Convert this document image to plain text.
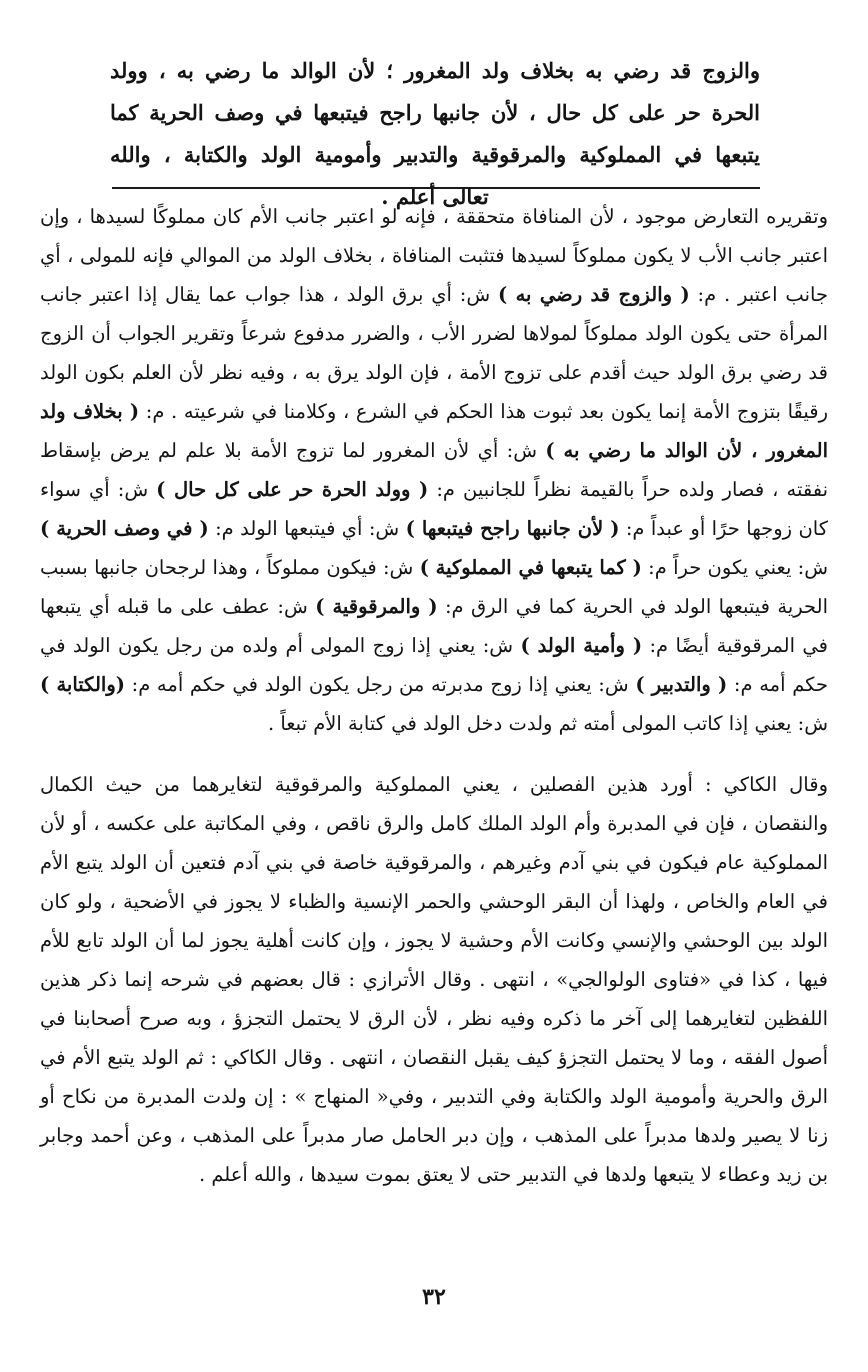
والزوج قد رضي به بخلاف ولد المغرور ؛ لأن الوالد ما رضي به ، وولد الحرة حر على كل حال ، لأن جانبها راجح فيتبعها في وصف الحرية كما يتبعها في المملوكية والمرقوقية والتدبير وأمومية الولد والكتابة ، والله تعالى أعلم .

وتقريره التعارض موجود ، لأن المنافاة متحققة ، فإنه لو اعتبر جانب الأم كان مملوكًا لسيدها ، وإن اعتبر جانب الأب لا يكون مملوكاً لسيدها فتثبت المنافاة ، بخلاف الولد من الموالي فإنه للمولى ، أي جانب اعتبر . م: ( والزوج قد رضي به ) ش: أي برق الولد ، هذا جواب عما يقال إذا اعتبر جانب المرأة حتى يكون الولد مملوكاً لمولاها لضرر الأب ، والضرر مدفوع شرعاً وتقرير الجواب أن الزوج قد رضي برق الولد حيث أقدم على تزوج الأمة ، فإن الولد يرق به ، وفيه نظر لأن العلم بكون الولد رقيقًا بتزوج الأمة إنما يكون بعد ثبوت هذا الحكم في الشرع ، وكلامنا في شرعيته . م: ( بخلاف ولد المغرور ، لأن الوالد ما رضي به ) ش: أي لأن المغرور لما تزوج الأمة بلا علم لم يرض بإسقاط نفقته ، فصار ولده حراً بالقيمة نظراً للجانبين م: ( وولد الحرة حر على كل حال ) ش: أي سواء كان زوجها حرًا أو عبداً م: ( لأن جانبها راجح فيتبعها ) ش: أي فيتبعها الولد م: ( في وصف الحرية ) ش: يعني يكون حراً م: ( كما يتبعها في المملوكية ) ش: فيكون مملوكاً ، وهذا لرجحان جانبها بسبب الحرية فيتبعها الولد في الحرية كما في الرق م: ( والمرقوقية ) ش: عطف على ما قبله أي يتبعها في المرقوقية أيضًا م: ( وأمية الولد ) ش: يعني إذا زوج المولى أم ولده من رجل يكون الولد في حكم أمه م: ( والتدبير ) ش: يعني إذا زوج مدبرته من رجل يكون الولد في حكم أمه م: (والكتابة ) ش: يعني إذا كاتب المولى أمته ثم ولدت دخل الولد في كتابة الأم تبعاً .

وقال الكاكي : أورد هذين الفصلين ، يعني المملوكية والمرقوقية لتغايرهما من حيث الكمال والنقصان ، فإن في المدبرة وأم الولد الملك كامل والرق ناقص ، وفي المكاتبة على عكسه ، أو لأن المملوكية عام فيكون في بني آدم وغيرهم ، والمرقوقية خاصة في بني آدم فتعين أن الولد يتبع الأم في العام والخاص ، ولهذا أن البقر الوحشي والحمر الإنسية والظباء لا يجوز في الأضحية ، ولو كان الولد بين الوحشي والإنسي وكانت الأم وحشية لا يجوز ، وإن كانت أهلية يجوز لما أن الولد تابع للأم فيها ، كذا في «فتاوى الولوالجي» ، انتهى . وقال الأترازي : قال بعضهم في شرحه إنما ذكر هذين اللفظين لتغايرهما إلى آخر ما ذكره وفيه نظر ، لأن الرق لا يحتمل التجزؤ ، وبه صرح أصحابنا في أصول الفقه ، وما لا يحتمل التجزؤ كيف يقبل النقصان ، انتهى . وقال الكاكي : ثم الولد يتبع الأم في الرق والحرية وأمومية الولد والكتابة وفي التدبير ، وفي« المنهاج » : إن ولدت المدبرة من نكاح أو زنا لا يصير ولدها مدبراً على المذهب ، وإن دبر الحامل صار مدبراً على المذهب ، وعن أحمد وجابر بن زيد وعطاء لا يتبعها ولدها في التدبير حتى لا يعتق بموت سيدها ، والله أعلم .

٣٢
